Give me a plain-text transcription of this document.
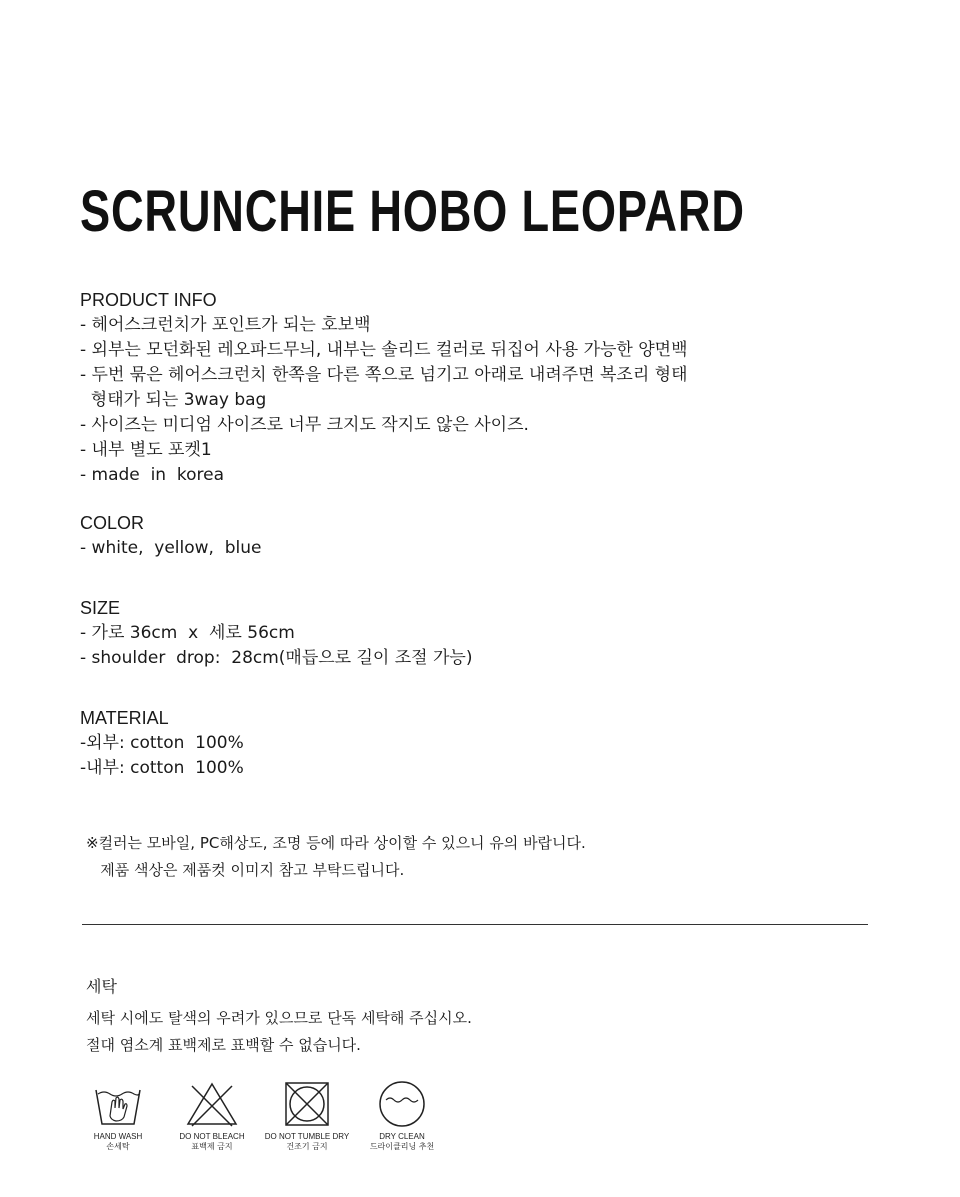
SCRUNCHIE HOBO LEOPARD
PRODUCT INFO
- 헤어스크런치가 포인트가 되는 호보백
- 외부는 모던화된 레오파드무늬, 내부는 솔리드 컬러로 뒤집어 사용 가능한 양면백
- 두번 묶은 헤어스크런치 한쪽을 다른 쪽으로 넘기고 아래로 내려주면 복조리 형태
형태가 되는 3way bag
- 사이즈는 미디엄 사이즈로 너무 크지도 작지도 않은 사이즈.
- 내부 별도 포켓1
- made  in  korea
COLOR
- white,  yellow,  blue
SIZE
- 가로 36cm  x  세로 56cm
- shoulder  drop:  28cm(매듭으로 길이 조절 가능)
MATERIAL
-외부: cotton  100%
-내부: cotton  100%
※컬러는 모바일, PC해상도, 조명 등에 따라 상이할 수 있으니 유의 바랍니다.
제품 색상은 제품컷 이미지 참고 부탁드립니다.
세탁
세탁 시에도 탈색의 우려가 있으므로 단독 세탁해 주십시오.
절대 염소계 표백제로 표백할 수 없습니다.
HAND WASH
손세탁
DO NOT BLEACH
표백제 금지
DO NOT TUMBLE DRY
건조기 금지
DRY CLEAN
드라이클리닝 추천
